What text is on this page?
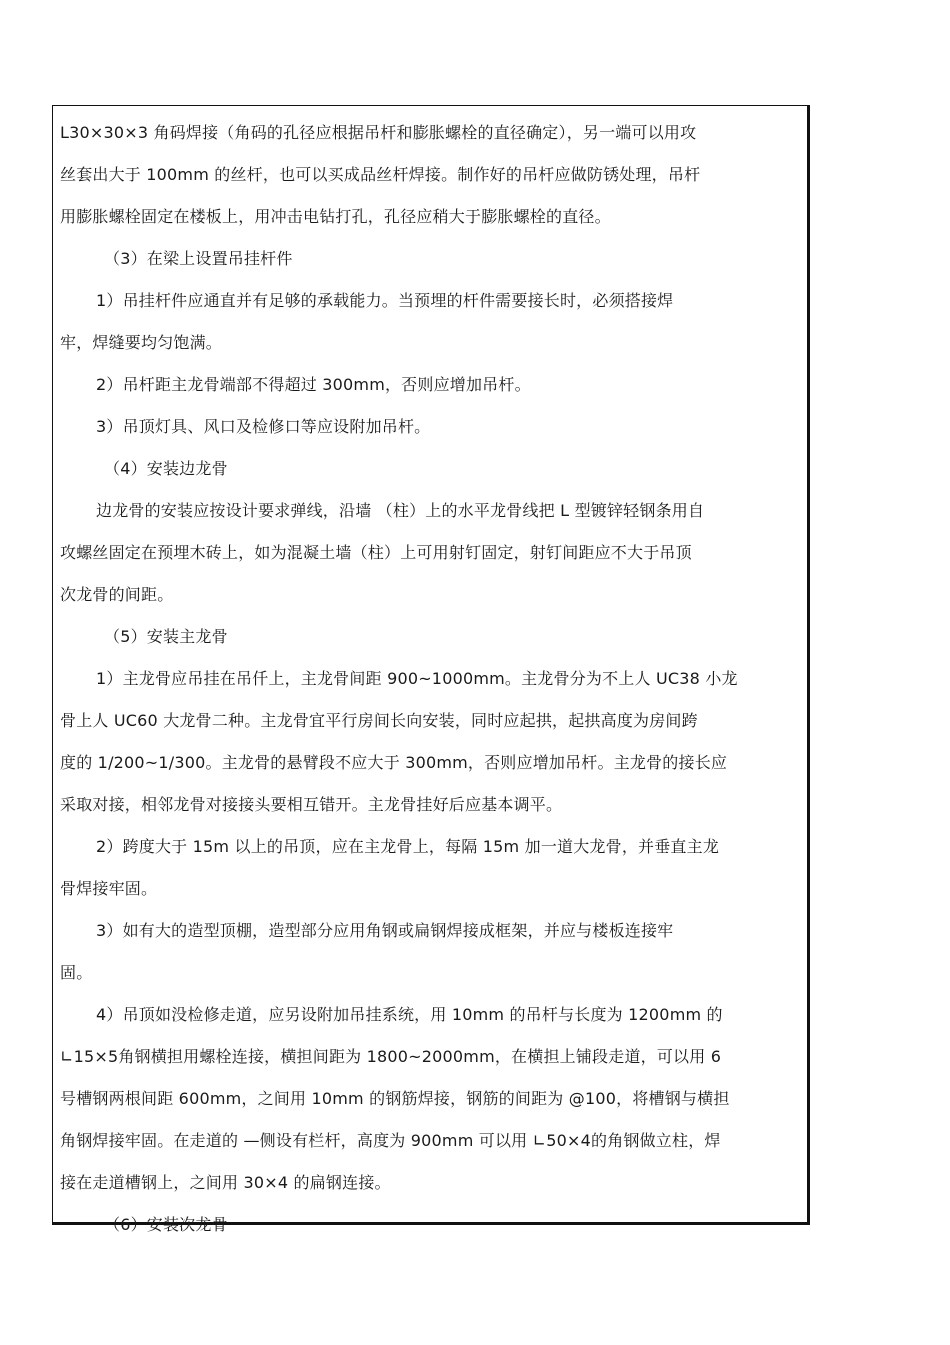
L30×30×3 角码焊接（角码的孔径应根据吊杆和膨胀螺栓的直径确定），另一端可以用攻
丝套出大于 100mm 的丝杆，也可以买成品丝杆焊接。制作好的吊杆应做防锈处理，吊杆
用膨胀螺栓固定在楼板上，用冲击电钻打孔，孔径应稍大于膨胀螺栓的直径。
（3）在梁上设置吊挂杆件
1）吊挂杆件应通直并有足够的承载能力。当预埋的杆件需要接长时，必须搭接焊
牢，焊缝要均匀饱满。
2）吊杆距主龙骨端部不得超过 300mm，否则应增加吊杆。
3）吊顶灯具、风口及检修口等应设附加吊杆。
（4）安装边龙骨
边龙骨的安装应按设计要求弹线，沿墙 （柱）上的水平龙骨线把 L 型镀锌轻钢条用自
攻螺丝固定在预埋木砖上，如为混凝土墙（柱）上可用射钉固定，射钉间距应不大于吊顶
次龙骨的间距。
（5）安装主龙骨
1）主龙骨应吊挂在吊仟上，主龙骨间距 900~1000mm。主龙骨分为不上人 UC38 小龙
骨上人 UC60 大龙骨二种。主龙骨宜平行房间长向安装，同时应起拱，起拱高度为房间跨
度的 1/200~1/300。主龙骨的悬臂段不应大于 300mm，否则应增加吊杆。主龙骨的接长应
采取对接，相邻龙骨对接接头要相互错开。主龙骨挂好后应基本调平。
2）跨度大于 15m 以上的吊顶，应在主龙骨上，每隔 15m 加一道大龙骨，并垂直主龙
骨焊接牢固。
3）如有大的造型顶棚，造型部分应用角钢或扁钢焊接成框架，并应与楼板连接牢
固。
4）吊顶如没检修走道，应另设附加吊挂系统，用 10mm 的吊杆与长度为 1200mm 的
∟15×5角钢横担用螺栓连接，横担间距为 1800~2000mm，在横担上铺段走道，可以用 6
号槽钢两根间距 600mm，之间用 10mm 的钢筋焊接，钢筋的间距为 @100，将槽钢与横担
角钢焊接牢固。在走道的 —侧设有栏杆，高度为 900mm 可以用 ∟50×4的角钢做立柱，焊
接在走道槽钢上，之间用 30×4 的扁钢连接。
（6）安装次龙骨
